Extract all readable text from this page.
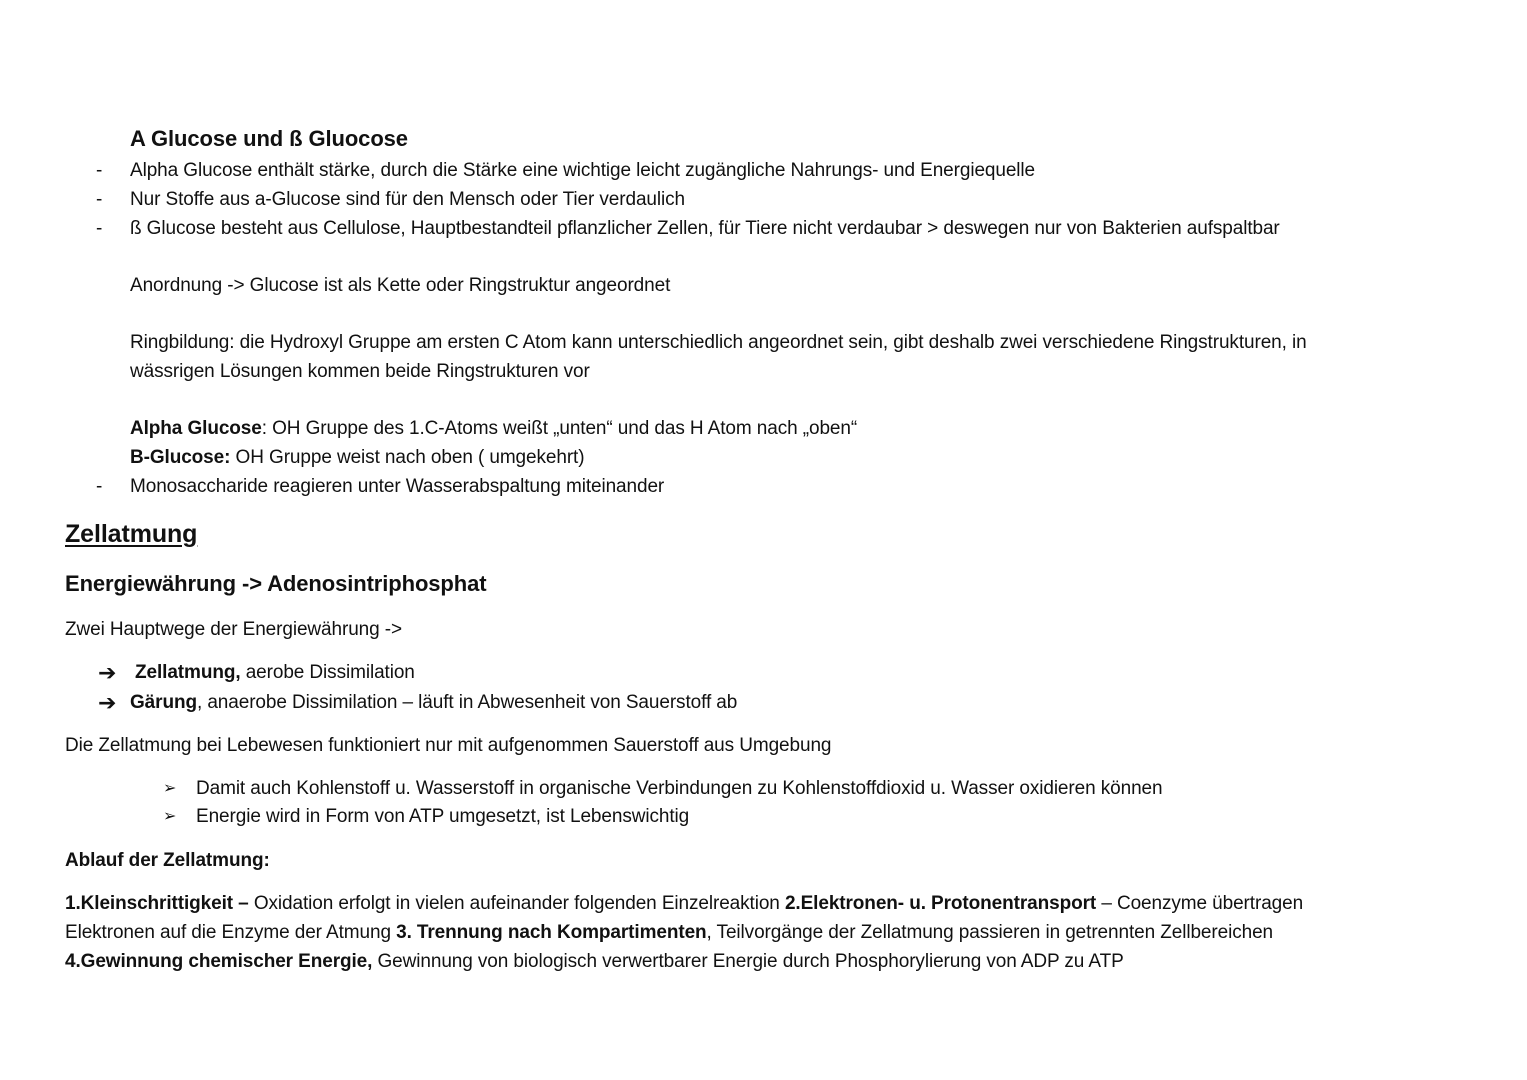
A Glucose und ß Gluocose
- Alpha Glucose enthält stärke, durch die Stärke eine wichtige leicht zugängliche Nahrungs- und Energiequelle
- Nur Stoffe aus a-Glucose sind für den Mensch oder Tier verdaulich
- ß Glucose besteht aus Cellulose, Hauptbestandteil pflanzlicher Zellen, für Tiere nicht verdaubar > deswegen nur von Bakterien aufspaltbar
Anordnung -> Glucose ist als Kette oder Ringstruktur angeordnet
Ringbildung: die Hydroxyl Gruppe am ersten C Atom kann unterschiedlich angeordnet sein, gibt deshalb zwei verschiedene Ringstrukturen, in
wässrigen Lösungen kommen beide Ringstrukturen vor
Alpha Glucose: OH Gruppe des 1.C-Atoms weißt „unten“ und das H Atom nach „oben“
B-Glucose: OH Gruppe weist nach oben ( umgekehrt)
- Monosaccharide reagieren unter Wasserabspaltung miteinander
Zellatmung
Energiewährung -> Adenosintriphosphat
Zwei Hauptwege der Energiewährung ->
➔ Zellatmung, aerobe Dissimilation
➔ Gärung, anaerobe Dissimilation – läuft in Abwesenheit von Sauerstoff ab
Die Zellatmung bei Lebewesen funktioniert nur mit aufgenommen Sauerstoff aus Umgebung
➢ Damit auch Kohlenstoff u. Wasserstoff in organische Verbindungen zu Kohlenstoffdioxid u. Wasser oxidieren können
➢ Energie wird in Form von ATP umgesetzt, ist Lebenswichtig
Ablauf der Zellatmung:
1.Kleinschrittigkeit – Oxidation erfolgt in vielen aufeinander folgenden Einzelreaktion 2.Elektronen- u. Protonentransport – Coenzyme übertragen
Elektronen auf die Enzyme der Atmung 3. Trennung nach Kompartimenten, Teilvorgänge der Zellatmung passieren in getrennten Zellbereichen
4.Gewinnung chemischer Energie, Gewinnung von biologisch verwertbarer Energie durch Phosphorylierung von ADP zu ATP
